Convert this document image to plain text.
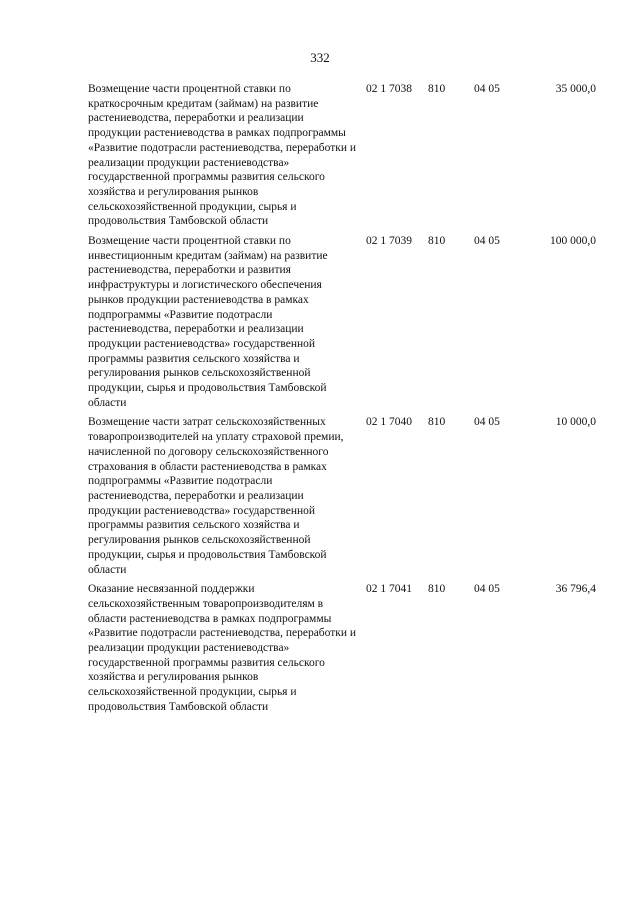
332
Возмещение части процентной ставки по краткосрочным кредитам (займам) на развитие растениеводства, переработки и реализации продукции растениеводства в рамках подпрограммы «Развитие подотрасли растениеводства, переработки и реализации продукции растениеводства» государственной программы развития сельского хозяйства и регулирования рынков сельскохозяйственной продукции, сырья и продовольствия Тамбовской области
02 1 7038 810	04 05	35 000,0
Возмещение части процентной ставки по инвестиционным кредитам (займам) на развитие растениеводства, переработки и развития инфраструктуры и логистического обеспечения рынков продукции растениеводства в рамках подпрограммы «Развитие подотрасли растениеводства, переработки и реализации продукции растениеводства» государственной программы развития сельского хозяйства и регулирования рынков сельскохозяйственной продукции, сырья и продовольствия Тамбовской области
02 1 7039 810	04 05	100 000,0
Возмещение части затрат сельскохозяйственных товаропроизводителей на уплату страховой премии, начисленной по договору сельскохозяйственного страхования в области растениеводства в рамках подпрограммы «Развитие подотрасли растениеводства, переработки и реализации продукции растениеводства» государственной программы развития сельского хозяйства и регулирования рынков сельскохозяйственной продукции, сырья и продовольствия Тамбовской области
02 1 7040 810	04 05	10 000,0
Оказание несвязанной поддержки сельскохозяйственным товаропроизводителям в области растениеводства в рамках подпрограммы «Развитие подотрасли растениеводства, переработки и реализации продукции растениеводства» государственной программы развития сельского хозяйства и регулирования рынков сельскохозяйственной продукции, сырья и продовольствия Тамбовской области
02 1 7041 810	04 05	36 796,4
